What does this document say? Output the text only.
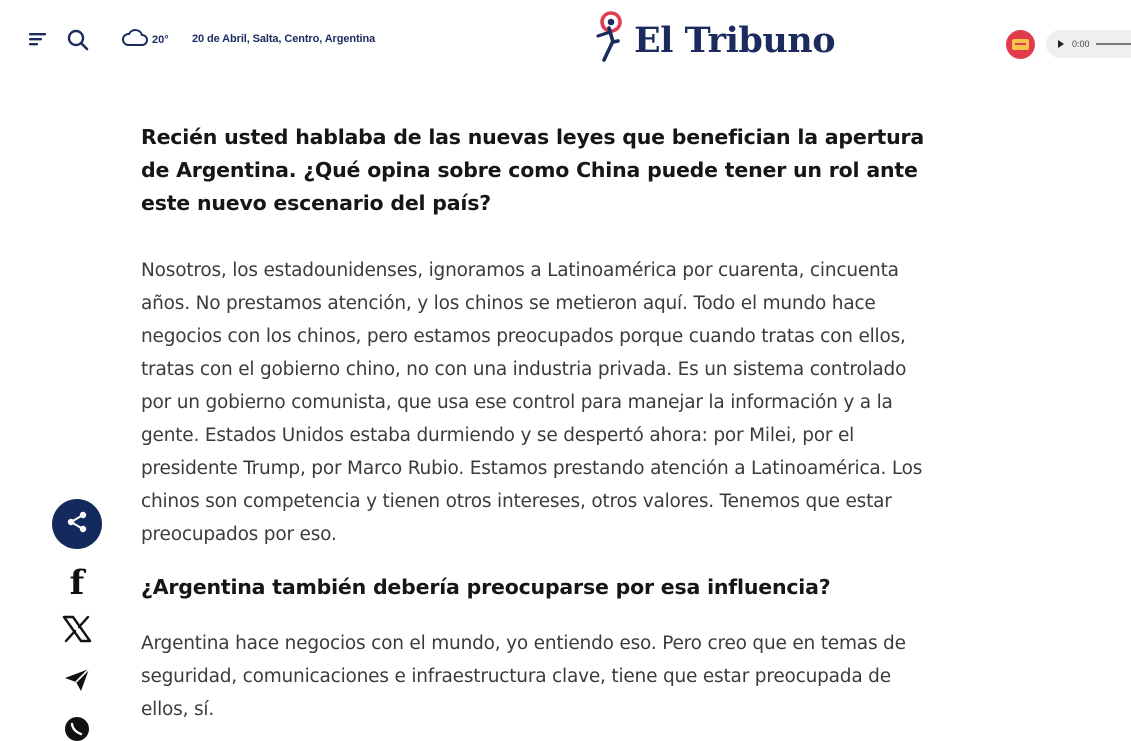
20° 20 de Abril, Salta, Centro, Argentina	El Tribuno	0:00
Recién usted hablaba de las nuevas leyes que benefician la apertura de Argentina. ¿Qué opina sobre como China puede tener un rol ante este nuevo escenario del país?

Nosotros, los estadounidenses, ignoramos a Latinoamérica por cuarenta, cincuenta años. No prestamos atención, y los chinos se metieron aquí. Todo el mundo hace negocios con los chinos, pero estamos preocupados porque cuando tratas con ellos, tratas con el gobierno chino, no con una industria privada. Es un sistema controlado por un gobierno comunista, que usa ese control para manejar la información y a la gente. Estados Unidos estaba durmiendo y se despertó ahora: por Milei, por el presidente Trump, por Marco Rubio. Estamos prestando atención a Latinoamérica. Los chinos son competencia y tienen otros intereses, otros valores. Tenemos que estar preocupados por eso.

¿Argentina también debería preocuparse por esa influencia?

Argentina hace negocios con el mundo, yo entiendo eso. Pero creo que en temas de seguridad, comunicaciones e infraestructura clave, tiene que estar preocupada de ellos, sí.

f
